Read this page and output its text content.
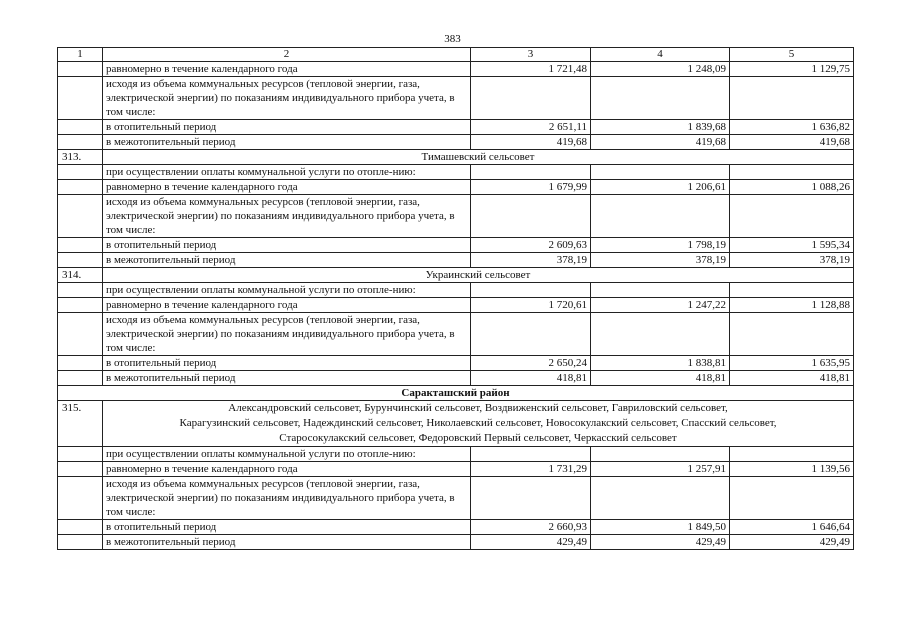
383
1	2	3	4	5
	равномерно в течение календарного года	1 721,48	1 248,09	1 129,75
	исходя из объема коммунальных ресурсов (тепловой энергии, газа, электрической энергии) по показаниям индивидуального прибора учета, в том числе:			
	в отопительный период	2 651,11	1 839,68	1 636,82
	в межотопительный период	419,68	419,68	419,68
313.	Тимашевский сельсовет			
	при осуществлении оплаты коммунальной услуги по отопле-нию:			
	равномерно в течение календарного года	1 679,99	1 206,61	1 088,26
	исходя из объема коммунальных ресурсов (тепловой энергии, газа, электрической энергии) по показаниям индивидуального прибора учета, в том числе:			
	в отопительный период	2 609,63	1 798,19	1 595,34
	в межотопительный период	378,19	378,19	378,19
314.	Украинский сельсовет			
	при осуществлении оплаты коммунальной услуги по отопле-нию:			
	равномерно в течение календарного года	1 720,61	1 247,22	1 128,88
	исходя из объема коммунальных ресурсов (тепловой энергии, газа, электрической энергии) по показаниям индивидуального прибора учета, в том числе:			
	в отопительный период	2 650,24	1 838,81	1 635,95
	в межотопительный период	418,81	418,81	418,81
Саракташский район				
315.	Александровский сельсовет, Бурунчинский сельсовет, Воздвиженский сельсовет, Гавриловский сельсовет,
Карагузинский сельсовет, Надеждинский сельсовет, Николаевский сельсовет, Новосокулакский сельсовет, Спасский сельсовет,
Старосокулакский сельсовет, Федоровский Первый сельсовет, Черкасский сельсовет			

	при осуществлении оплаты коммунальной услуги по отопле-нию:			
	равномерно в течение календарного года	1 731,29	1 257,91	1 139,56
	исходя из объема коммунальных ресурсов (тепловой энергии, газа, электрической энергии) по показаниям индивидуального прибора учета, в том числе:			
	в отопительный период	2 660,93	1 849,50	1 646,64
	в межотопительный период	429,49	429,49	429,49
